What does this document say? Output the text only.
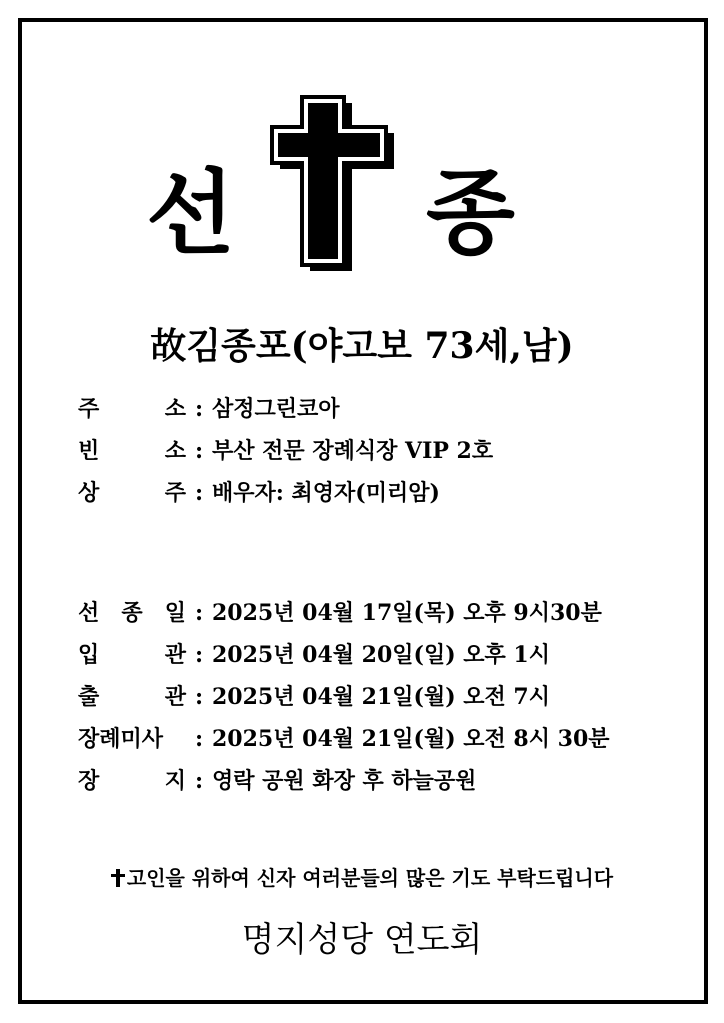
선 종
故김종포(야고보 73세,남)
주 소 : 삼정그린코아
빈 소 : 부산 전문 장례식장 VIP 2호
상 주 : 배우자: 최영자(미리암)
선 종 일 : 2025년 04월 17일(목) 오후 9시30분
입 관 : 2025년 04월 20일(일) 오후 1시
출 관 : 2025년 04월 21일(월) 오전 7시
장례미사	: 2025년 04월 21일(월) 오전 8시 30분
장 지 : 영락 공원 화장 후 하늘공원
고인을 위하여 신자 여러분들의 많은 기도 부탁드립니다
명지성당 연도회
